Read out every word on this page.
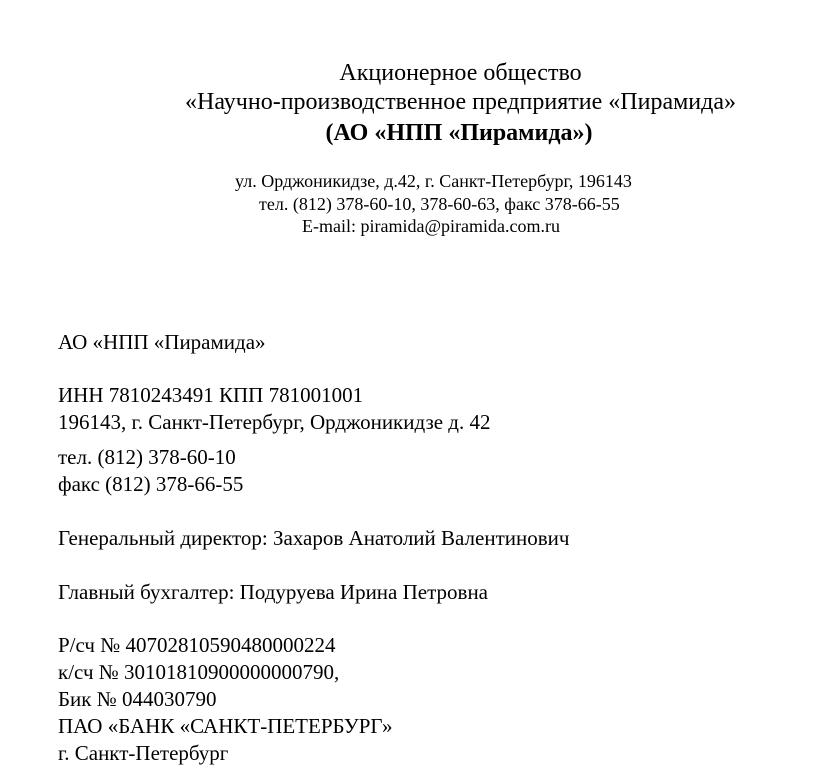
Акционерное общество
«Научно-производственное предприятие «Пирамида»
(АО «НПП «Пирамида»)
ул. Орджоникидзе, д.42, г. Санкт-Петербург, 196143
тел. (812) 378-60-10, 378-60-63, факс 378-66-55
E-mail: piramida@piramida.com.ru
АО «НПП «Пирамида»
ИНН 7810243491 КПП 781001001
196143, г. Санкт-Петербург, Орджоникидзе д. 42
тел. (812) 378-60-10
факс (812) 378-66-55
Генеральный директор: Захаров Анатолий Валентинович
Главный бухгалтер: Подуруева Ирина Петровна
Р/сч № 40702810590480000224
к/сч № 30101810900000000790,
Бик № 044030790
ПАО «БАНК «САНКТ-ПЕТЕРБУРГ»
г. Санкт-Петербург
